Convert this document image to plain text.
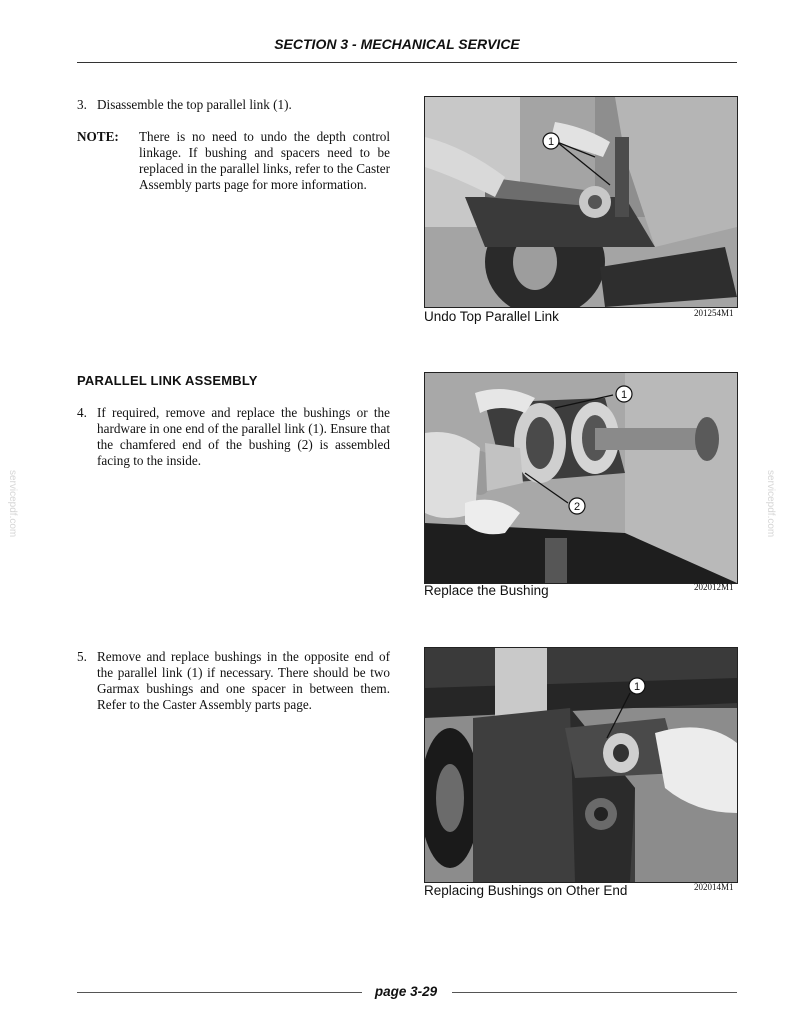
SECTION 3 - MECHANICAL SERVICE
3. Disassemble the top parallel link (1).
NOTE: There is no need to undo the depth control linkage. If bushing and spacers need to be replaced in the parallel links, refer to the Caster Assembly parts page for more information.
1
Undo Top Parallel Link	201254M1
PARALLEL LINK ASSEMBLY
4. If required, remove and replace the bushings or the hardware in one end of the parallel link (1). Ensure that the chamfered end of the bushing (2) is assembled facing to the inside.
1
2
Replace the Bushing	202012M1
5. Remove and replace bushings in the opposite end of the parallel link (1) if necessary. There should be two Garmax bushings and one spacer in between them. Refer to the Caster Assembly parts page.
1
Replacing Bushings on Other End	202014M1
page 3-29
servicepdf.com	servicepdf.com
